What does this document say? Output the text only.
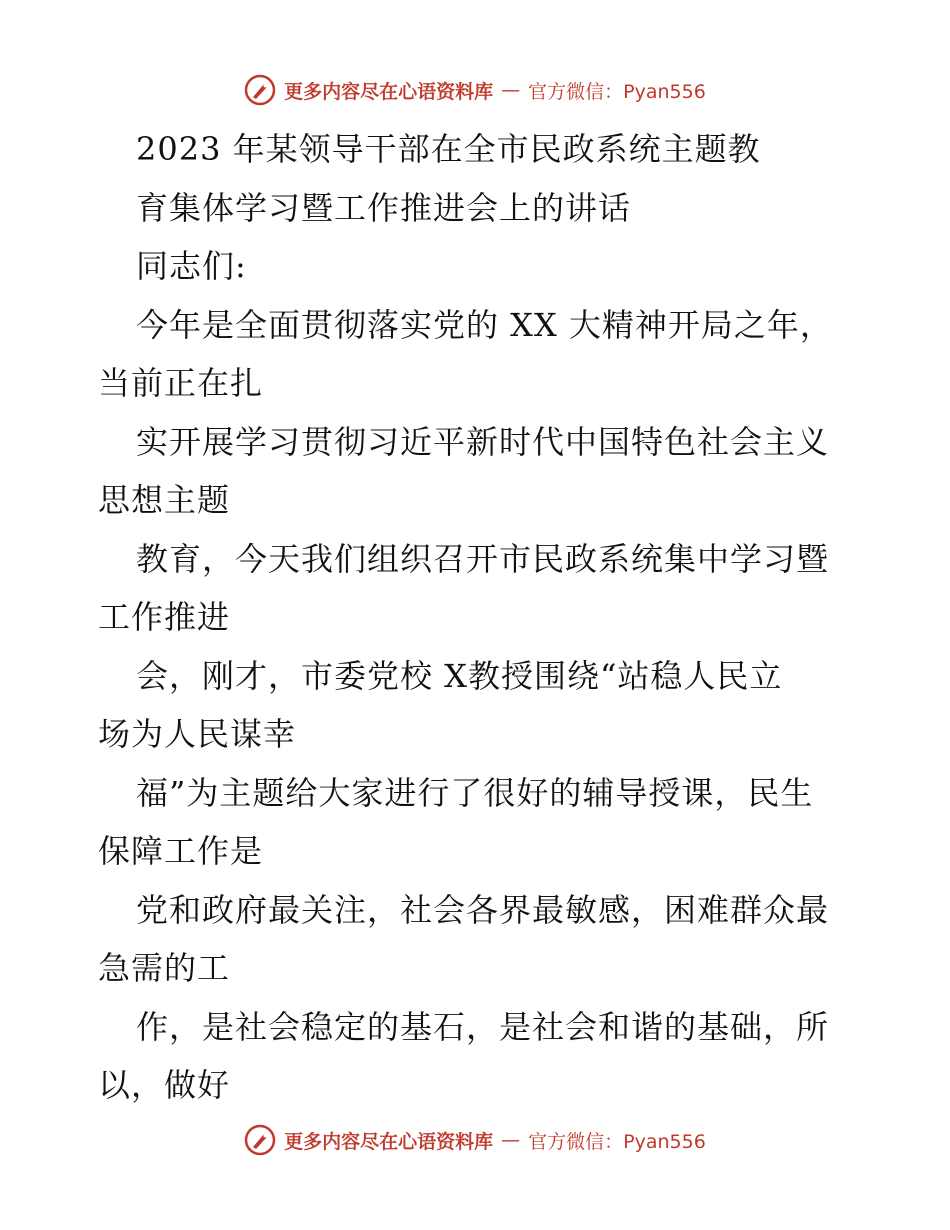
更多内容尽在心语资料库 — 官方微信：Pyan556
2023 年某领导干部在全市民政系统主题教
育集体学习暨工作推进会上的讲话
同志们:
今年是全面贯彻落实党的 XX 大精神开局之年，
当前正在扎
实开展学习贯彻习近平新时代中国特色社会主义
思想主题
教育，今天我们组织召开市民政系统集中学习暨
工作推进
会，刚才，市委党校 X教授围绕“站稳人民立
场为人民谋幸
福”为主题给大家进行了很好的辅导授课，民生
保障工作是
党和政府最关注，社会各界最敏感，困难群众最
急需的工
作，是社会稳定的基石，是社会和谐的基础，所
以，做好
更多内容尽在心语资料库 — 官方微信：Pyan556
